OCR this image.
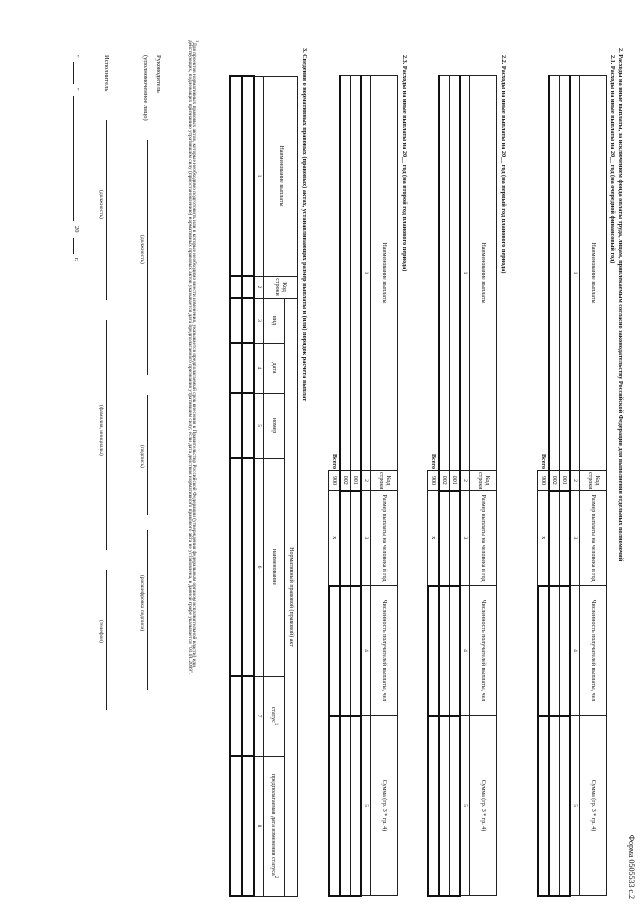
Форма 0505533 с.2
2. Расходы на иные выплаты, за исключением фонда оплаты труда, лицам, привлекаемым согласно законодательству Российской Федерации для выполнения отдельных полномочий
2.1. Расходы на иные выплаты на 20__ год (на очередной финансовый год)
Наименование выплаты	Код строки	Размер выплаты на человека в год	Численность получателей выплаты, чел	Сумма (гр. 3 * гр. 4)
1	2	3	4	5
	001			
	002			
Всего	900	х		
2.2. Расходы на иные выплаты на 20__ год (на первый год планового периода)
Наименование выплаты	Код строки	Размер выплаты на человека в год	Численность получателей выплаты, чел	Сумма (гр. 3 * гр. 4)
1	2	3	4	5
	001			
	002			
Всего	900	х		
2.3. Расходы на иные выплаты на 20__ год (на второй год планового периода)
Наименование выплаты	Код строки	Размер выплаты на человека в год	Численность получателей выплаты, чел	Сумма (гр. 3 * гр. 4)
1	2	3	4	5
	001			
	002			
Всего	900	х		
3. Сведения о нормативных правовых (правовых) актах, устанавливающих размер выплаты и (или) порядок расчета выплат
Наименование выплаты	Код строки	Нормативный правовой (правовой) акт					
		вид	дата	номер	наименование	статус$^1$	предполагаемая дата изменения статуса$^2$
1	2	3	4	5	6	7	8

$^1$Для проектов нормативных правовых актов, которые необходимо подготовить или в которые необходимо внести изменения, указывается предполагаемый срок внесения в Правительство Российской Федерации (утверждения федеральным органом исполнительной власти) или
действующих, подлежащих признанию утратившим силу (приостановлению) нормативных правовых актов указывается дата предполагаемого признания утратившим силу; если дата действия нормативного правового акта не установлена, в данной графе указывается "01.01.2099".
Руководитель
(уполномоченное лицо)
(должность)
(подпись)
(расшифровка подписи)
Исполнитель
(должность)
(фамилия, инициалы)
(телефон)
"
"
20
г.
